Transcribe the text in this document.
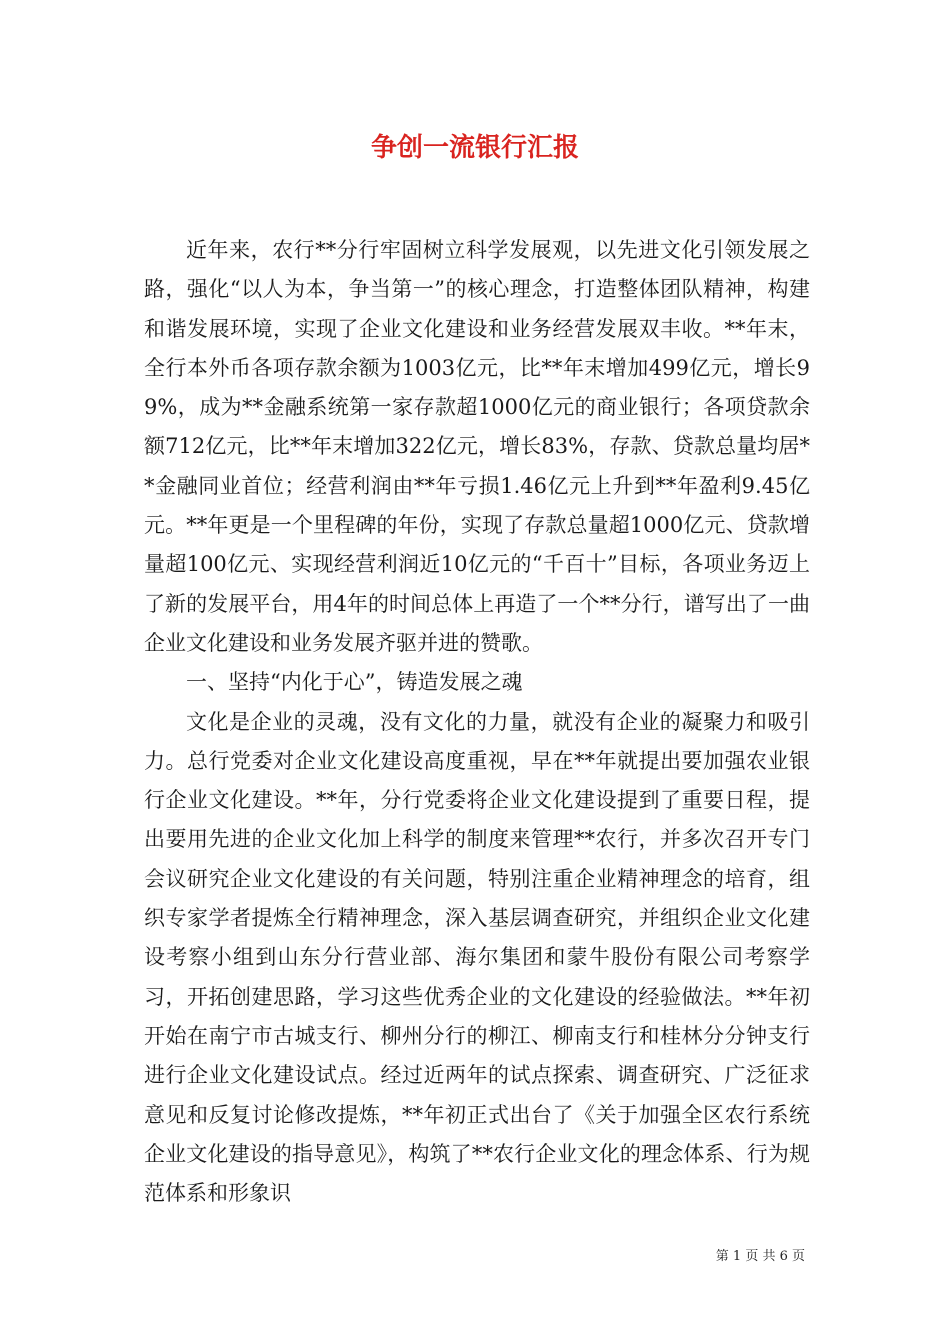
争创一流银行汇报

近年来，农行**分行牢固树立科学发展观，以先进文化引领发展之路，强化“以人为本，争当第一”的核心理念，打造整体团队精神，构建和谐发展环境，实现了企业文化建设和业务经营发展双丰收。**年末，全行本外币各项存款余额为1003亿元，比**年末增加499亿元，增长99%，成为**金融系统第一家存款超1000亿元的商业银行；各项贷款余额712亿元，比**年末增加322亿元，增长83%，存款、贷款总量均居**金融同业首位；经营利润由**年亏损1.46亿元上升到**年盈利9.45亿元。**年更是一个里程碑的年份，实现了存款总量超1000亿元、贷款增量超100亿元、实现经营利润近10亿元的“千百十”目标，各项业务迈上了新的发展平台，用4年的时间总体上再造了一个**分行，谱写出了一曲企业文化建设和业务发展齐驱并进的赞歌。

一、坚持“内化于心”，铸造发展之魂

文化是企业的灵魂，没有文化的力量，就没有企业的凝聚力和吸引力。总行党委对企业文化建设高度重视，早在**年就提出要加强农业银行企业文化建设。**年，分行党委将企业文化建设提到了重要日程，提出要用先进的企业文化加上科学的制度来管理**农行，并多次召开专门会议研究企业文化建设的有关问题，特别注重企业精神理念的培育，组织专家学者提炼全行精神理念，深入基层调查研究，并组织企业文化建设考察小组到山东分行营业部、海尔集团和蒙牛股份有限公司考察学习，开拓创建思路，学习这些优秀企业的文化建设的经验做法。**年初开始在南宁市古城支行、柳州分行的柳江、柳南支行和桂林分分钟支行进行企业文化建设试点。经过近两年的试点探索、调查研究、广泛征求意见和反复讨论修改提炼，**年初正式出台了《关于加强全区农行系统企业文化建设的指导意见》，构筑了**农行企业文化的理念体系、行为规范体系和形象识

第 1 页 共 6 页
